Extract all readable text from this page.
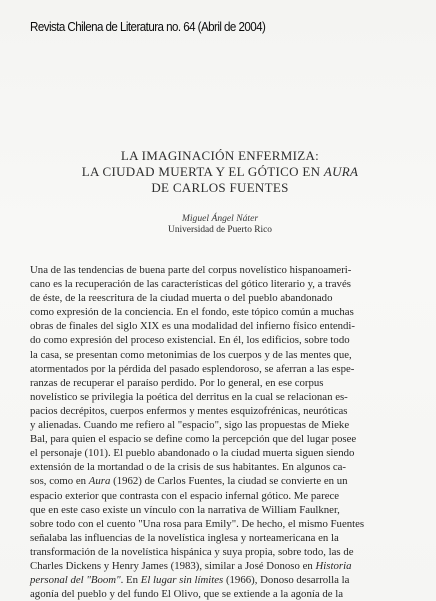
Revista Chilena de Literatura no. 64 (Abril de 2004)
LA IMAGINACIÓN ENFERMIZA:
LA CIUDAD MUERTA Y EL GÓTICO EN AURA
DE CARLOS FUENTES
Miguel Ángel Náter
Universidad de Puerto Rico
Una de las tendencias de buena parte del corpus novelístico hispanoameri-
cano es la recuperación de las características del gótico literario y, a través
de éste, de la reescritura de la ciudad muerta o del pueblo abandonado
como expresión de la conciencia. En el fondo, este tópico común a muchas
obras de finales del siglo XIX es una modalidad del infierno físico entendi-
do como expresión del proceso existencial. En él, los edificios, sobre todo
la casa, se presentan como metonimias de los cuerpos y de las mentes que,
atormentados por la pérdida del pasado esplendoroso, se aferran a las espe-
ranzas de recuperar el paraíso perdido. Por lo general, en ese corpus
novelístico se privilegia la poética del derritus en la cual se relacionan es-
pacios decrépitos, cuerpos enfermos y mentes esquizofrénicas, neuróticas
y alienadas. Cuando me refiero al "espacio", sigo las propuestas de Mieke
Bal, para quien el espacio se define como la percepción que del lugar posee
el personaje (101). El pueblo abandonado o la ciudad muerta siguen siendo
extensión de la mortandad o de la crisis de sus habitantes. En algunos ca-
sos, como en Aura (1962) de Carlos Fuentes, la ciudad se convierte en un
espacio exterior que contrasta con el espacio infernal gótico. Me parece
que en este caso existe un vínculo con la narrativa de William Faulkner,
sobre todo con el cuento "Una rosa para Emily". De hecho, el mismo Fuentes
señalaba las influencias de la novelística inglesa y norteamericana en la
transformación de la novelística hispánica y suya propia, sobre todo, las de
Charles Dickens y Henry James (1983), similar a José Donoso en Historia
personal del "Boom". En El lugar sin límites (1966), Donoso desarrolla la
agonía del pueblo y del fundo El Olivo, que se extiende a la agonía de la
